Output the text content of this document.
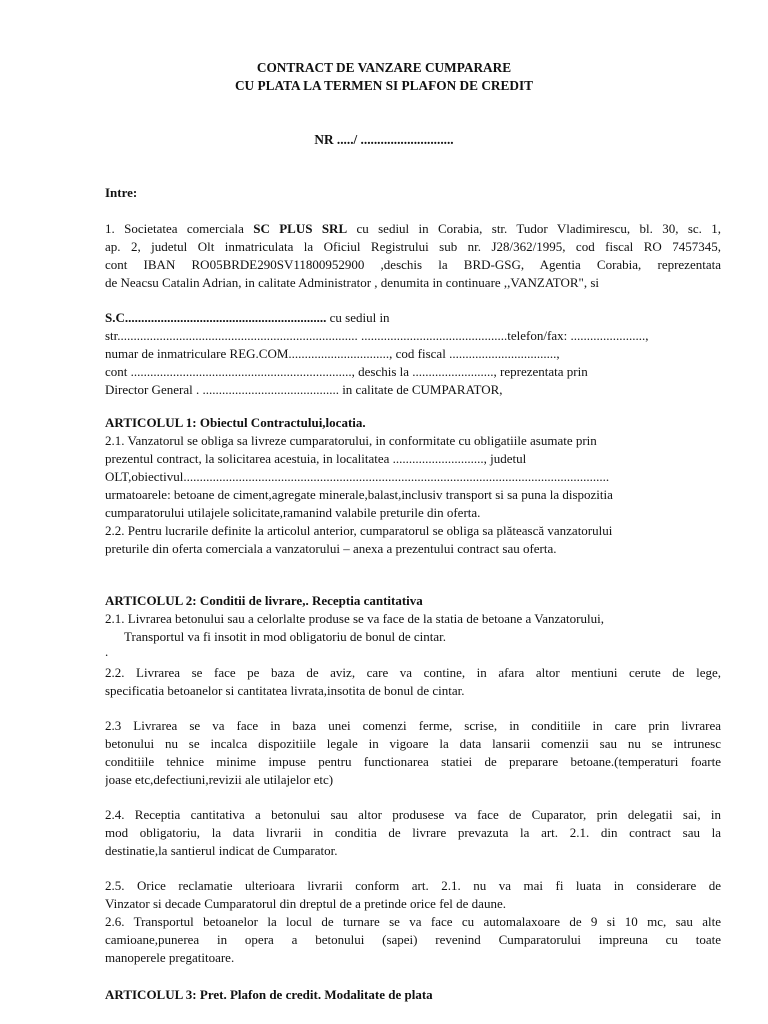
CONTRACT DE VANZARE CUMPARARE
CU PLATA LA TERMEN SI PLAFON DE CREDIT
NR ...../ ............................
Intre:
1. Societatea comerciala SC PLUS SRL cu sediul in Corabia, str. Tudor Vladimirescu, bl. 30, sc. 1,
ap. 2, judetul Olt inmatriculata la Oficiul Registrului sub nr. J28/362/1995, cod fiscal RO 7457345,
cont IBAN RO05BRDE290SV11800952900 ,deschis la BRD-GSG, Agentia Corabia, reprezentata
de Neacsu Catalin Adrian, in calitate Administrator , denumita in continuare ,,VANZATOR", si
S.C.............................................................. cu sediul in
str.......................................................................... .............................................telefon/fax: .......................,
numar de inmatriculare REG.COM..............................., cod fiscal .................................,
cont ...................................................................., deschis la ........................., reprezentata prin
Director General . .......................................... in calitate de CUMPARATOR,
ARTICOLUL 1: Obiectul Contractului,locatia.
2.1. Vanzatorul se obliga sa livreze cumparatorului, in conformitate cu obligatiile asumate prin
prezentul contract, la solicitarea acestuia, in localitatea ............................, judetul
OLT,obiectivul...................................................................................................................................
urmatoarele: betoane de ciment,agregate minerale,balast,inclusiv transport si sa puna la dispozitia
cumparatorului utilajele solicitate,ramanind valabile preturile din oferta.
2.2. Pentru lucrarile definite la articolul anterior, cumparatorul se obliga sa plătească vanzatorului
preturile din oferta comerciala a vanzatorului – anexa a prezentului contract sau oferta.
ARTICOLUL 2: Conditii de livrare,. Receptia cantitativa
2.1. Livrarea betonului sau a celorlalte produse se va face de la statia de betoane a Vanzatorului,
Transportul va fi insotit in mod obligatoriu de bonul de cintar.
.
2.2. Livrarea se face pe baza de aviz, care va contine, in afara altor mentiuni cerute de lege,
specificatia betoanelor si cantitatea livrata,insotita de bonul de cintar.
2.3 Livrarea se va face in baza unei comenzi ferme, scrise, in conditiile in care prin livrarea
betonului nu se incalca dispozitiile legale in vigoare la data lansarii comenzii sau nu se intrunesc
conditiile tehnice minime impuse pentru functionarea statiei de preparare betoane.(temperaturi foarte
joase etc,defectiuni,revizii ale utilajelor etc)
2.4. Receptia cantitativa a betonului sau altor produsese va face de Cuparator, prin delegatii sai, in
mod obligatoriu, la data livrarii in conditia de livrare prevazuta la art. 2.1. din contract sau la
destinatie,la santierul indicat de Cumparator.
2.5. Orice reclamatie ulterioara livrarii conform art. 2.1. nu va mai fi luata in considerare de
Vinzator si decade Cumparatorul din dreptul de a pretinde orice fel de daune.
2.6. Transportul betoanelor la locul de turnare se va face cu automalaxoare de 9 si 10 mc, sau alte
camioane,punerea in opera a betonului (sapei) revenind Cumparatorului impreuna cu toate
manoperele pregatitoare.
ARTICOLUL 3: Pret. Plafon de credit. Modalitate de plata
